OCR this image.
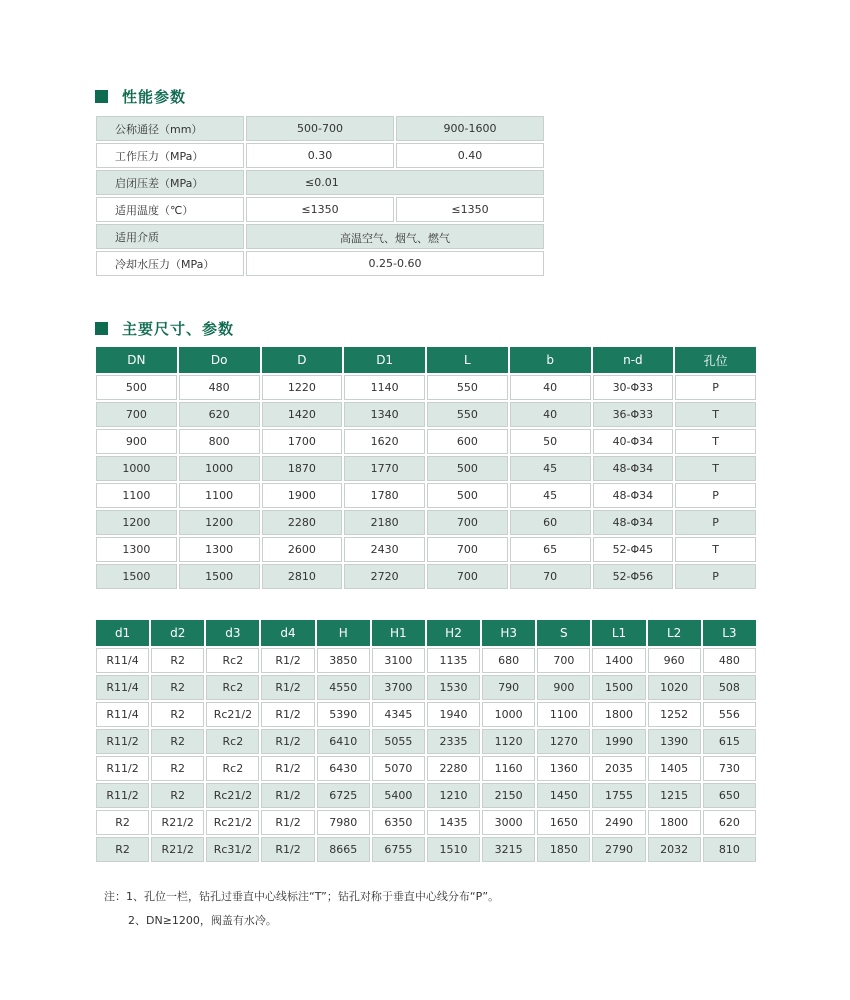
性能参数
公称通径（mm）	500-700	900-1600
工作压力（MPa）	0.30	0.40
启闭压差（MPa）	≤0.01	
适用温度（℃）	≤1350	≤1350
适用介质	高温空气、烟气、燃气	
冷却水压力（MPa）	0.25-0.60	
主要尺寸、参数
DN	Do	D	D1	L	b	n-d	孔位
500	480	1220	1140	550	40	30-Φ33	P
700	620	1420	1340	550	40	36-Φ33	T
900	800	1700	1620	600	50	40-Φ34	T
1000	1000	1870	1770	500	45	48-Φ34	T
1100	1100	1900	1780	500	45	48-Φ34	P
1200	1200	2280	2180	700	60	48-Φ34	P
1300	1300	2600	2430	700	65	52-Φ45	T
1500	1500	2810	2720	700	70	52-Φ56	P
d1	d2	d3	d4	H	H1	H2	H3	S	L1	L2	L3
R11/4	R2	Rc2	R1/2	3850	3100	1135	680	700	1400	960	480
R11/4	R2	Rc2	R1/2	4550	3700	1530	790	900	1500	1020	508
R11/4	R2	Rc21/2	R1/2	5390	4345	1940	1000	1100	1800	1252	556
R11/2	R2	Rc2	R1/2	6410	5055	2335	1120	1270	1990	1390	615
R11/2	R2	Rc2	R1/2	6430	5070	2280	1160	1360	2035	1405	730
R11/2	R2	Rc21/2	R1/2	6725	5400	1210	2150	1450	1755	1215	650
R2	R21/2	Rc21/2	R1/2	7980	6350	1435	3000	1650	2490	1800	620
R2	R21/2	Rc31/2	R1/2	8665	6755	1510	3215	1850	2790	2032	810
注：1、孔位一栏，钻孔过垂直中心线标注“T”；钻孔对称于垂直中心线分布“P”。
2、DN≥1200，阀盖有水冷。
